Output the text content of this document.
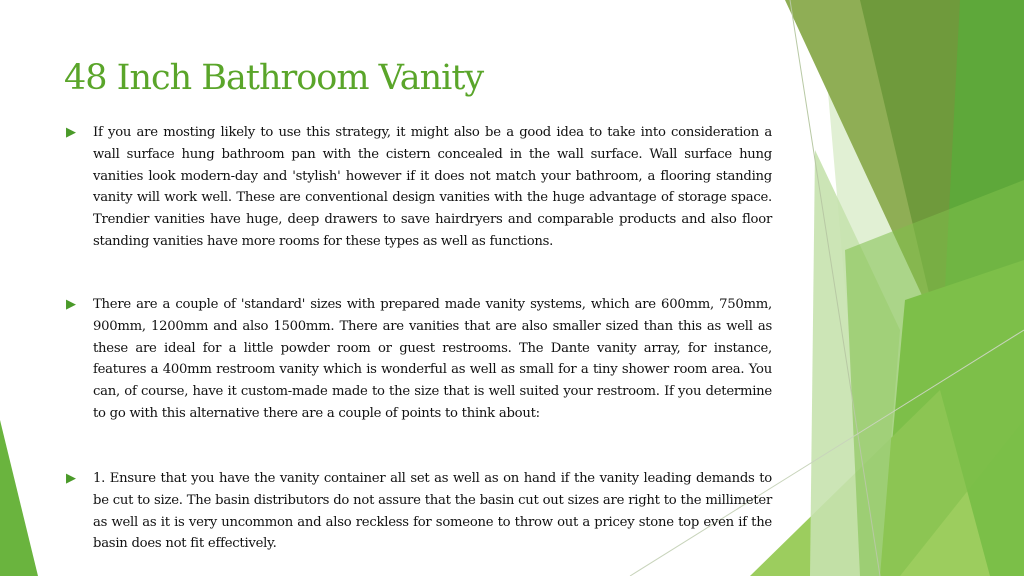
48 Inch Bathroom Vanity
▶	If you are mosting likely to use this strategy, it might also be a good idea to take into consideration a wall surface hung bathroom pan with the cistern concealed in the wall surface. Wall surface hung vanities look modern-day and 'stylish' however if it does not match your bathroom, a flooring standing vanity will work well. These are conventional design vanities with the huge advantage of storage space. Trendier vanities have huge, deep drawers to save hairdryers and comparable products and also floor standing vanities have more rooms for these types as well as functions.

▶	There are a couple of 'standard' sizes with prepared made vanity systems, which are 600mm, 750mm, 900mm, 1200mm and also 1500mm. There are vanities that are also smaller sized than this as well as these are ideal for a little powder room or guest restrooms. The Dante vanity array, for instance, features a 400mm restroom vanity which is wonderful as well as small for a tiny shower room area. You can, of course, have it custom-made made to the size that is well suited your restroom. If you determine to go with this alternative there are a couple of points to think about:

▶	1. Ensure that you have the vanity container all set as well as on hand if the vanity leading demands to be cut to size. The basin distributors do not assure that the basin cut out sizes are right to the millimeter as well as it is very uncommon and also reckless for someone to throw out a pricey stone top even if the basin does not fit effectively.
